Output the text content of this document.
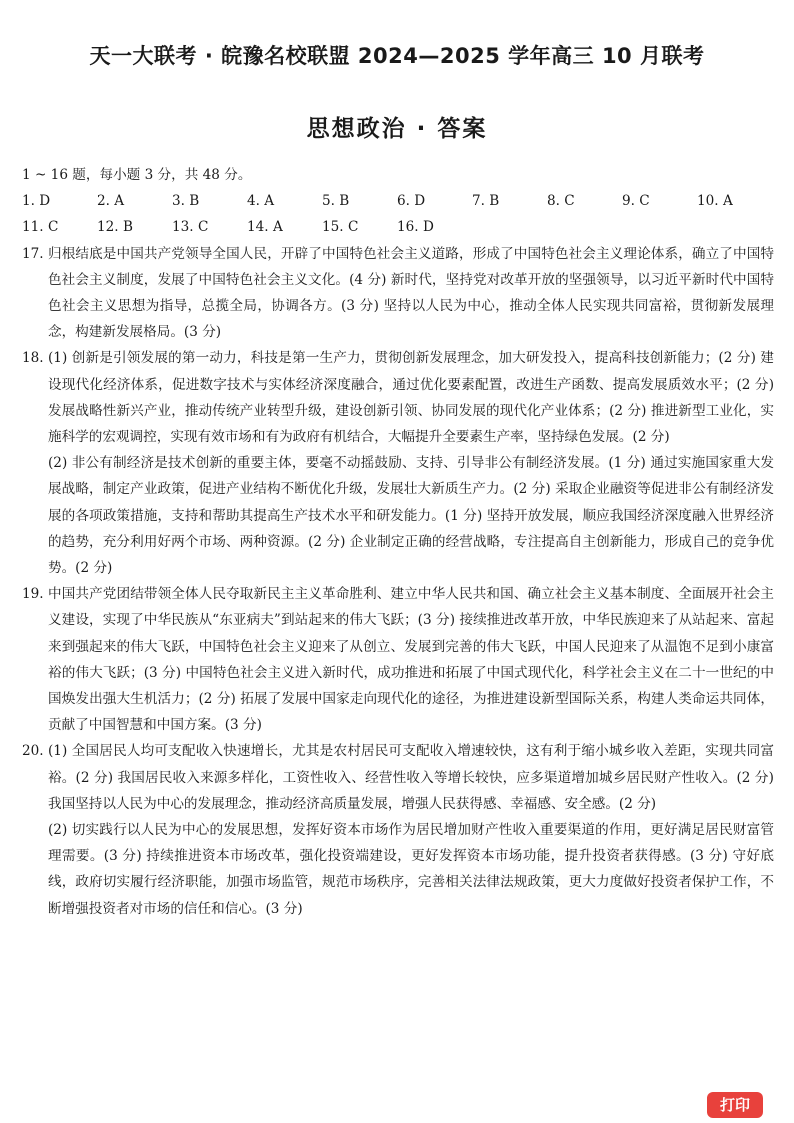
天一大联考 · 皖豫名校联盟 2024—2025 学年高三 10 月联考
思想政治 · 答案
1 ~ 16 题，每小题 3 分，共 48 分。
1. D	2. A	3. B	4. A	5. B	6. D	7. B	8. C	9. C	10. A
11. C	12. B	13. C	14. A	15. C	16. D
17. 归根结底是中国共产党领导全国人民，开辟了中国特色社会主义道路，形成了中国特色社会主义理论体系，确立了中国特色社会主义制度，发展了中国特色社会主义文化。(4 分) 新时代，坚持党对改革开放的坚强领导，以习近平新时代中国特色社会主义思想为指导，总揽全局，协调各方。(3 分) 坚持以人民为中心，推动全体人民实现共同富裕，贯彻新发展理念，构建新发展格局。(3 分)
18. (1) 创新是引领发展的第一动力，科技是第一生产力，贯彻创新发展理念，加大研发投入，提高科技创新能力；(2 分) 建设现代化经济体系，促进数字技术与实体经济深度融合，通过优化要素配置，改进生产函数、提高发展质效水平；(2 分) 发展战略性新兴产业，推动传统产业转型升级，建设创新引领、协同发展的现代化产业体系；(2 分) 推进新型工业化，实施科学的宏观调控，实现有效市场和有为政府有机结合，大幅提升全要素生产率，坚持绿色发展。(2 分)
(2) 非公有制经济是技术创新的重要主体，要毫不动摇鼓励、支持、引导非公有制经济发展。(1 分) 通过实施国家重大发展战略，制定产业政策，促进产业结构不断优化升级，发展壮大新质生产力。(2 分) 采取企业融资等促进非公有制经济发展的各项政策措施，支持和帮助其提高生产技术水平和研发能力。(1 分) 坚持开放发展，顺应我国经济深度融入世界经济的趋势，充分利用好两个市场、两种资源。(2 分) 企业制定正确的经营战略，专注提高自主创新能力，形成自己的竞争优势。(2 分)
19. 中国共产党团结带领全体人民夺取新民主主义革命胜利、建立中华人民共和国、确立社会主义基本制度、全面展开社会主义建设，实现了中华民族从“东亚病夫”到站起来的伟大飞跃；(3 分) 接续推进改革开放，中华民族迎来了从站起来、富起来到强起来的伟大飞跃，中国特色社会主义迎来了从创立、发展到完善的伟大飞跃，中国人民迎来了从温饱不足到小康富裕的伟大飞跃；(3 分) 中国特色社会主义进入新时代，成功推进和拓展了中国式现代化，科学社会主义在二十一世纪的中国焕发出强大生机活力；(2 分) 拓展了发展中国家走向现代化的途径，为推进建设新型国际关系，构建人类命运共同体，贡献了中国智慧和中国方案。(3 分)
20. (1) 全国居民人均可支配收入快速增长，尤其是农村居民可支配收入增速较快，这有利于缩小城乡收入差距，实现共同富裕。(2 分) 我国居民收入来源多样化，工资性收入、经营性收入等增长较快，应多渠道增加城乡居民财产性收入。(2 分) 我国坚持以人民为中心的发展理念，推动经济高质量发展，增强人民获得感、幸福感、安全感。(2 分)
(2) 切实践行以人民为中心的发展思想，发挥好资本市场作为居民增加财产性收入重要渠道的作用，更好满足居民财富管理需要。(3 分) 持续推进资本市场改革，强化投资端建设，更好发挥资本市场功能，提升投资者获得感。(3 分) 守好底线，政府切实履行经济职能，加强市场监管，规范市场秩序，完善相关法律法规政策，更大力度做好投资者保护工作，不断增强投资者对市场的信任和信心。(3 分)
打印
